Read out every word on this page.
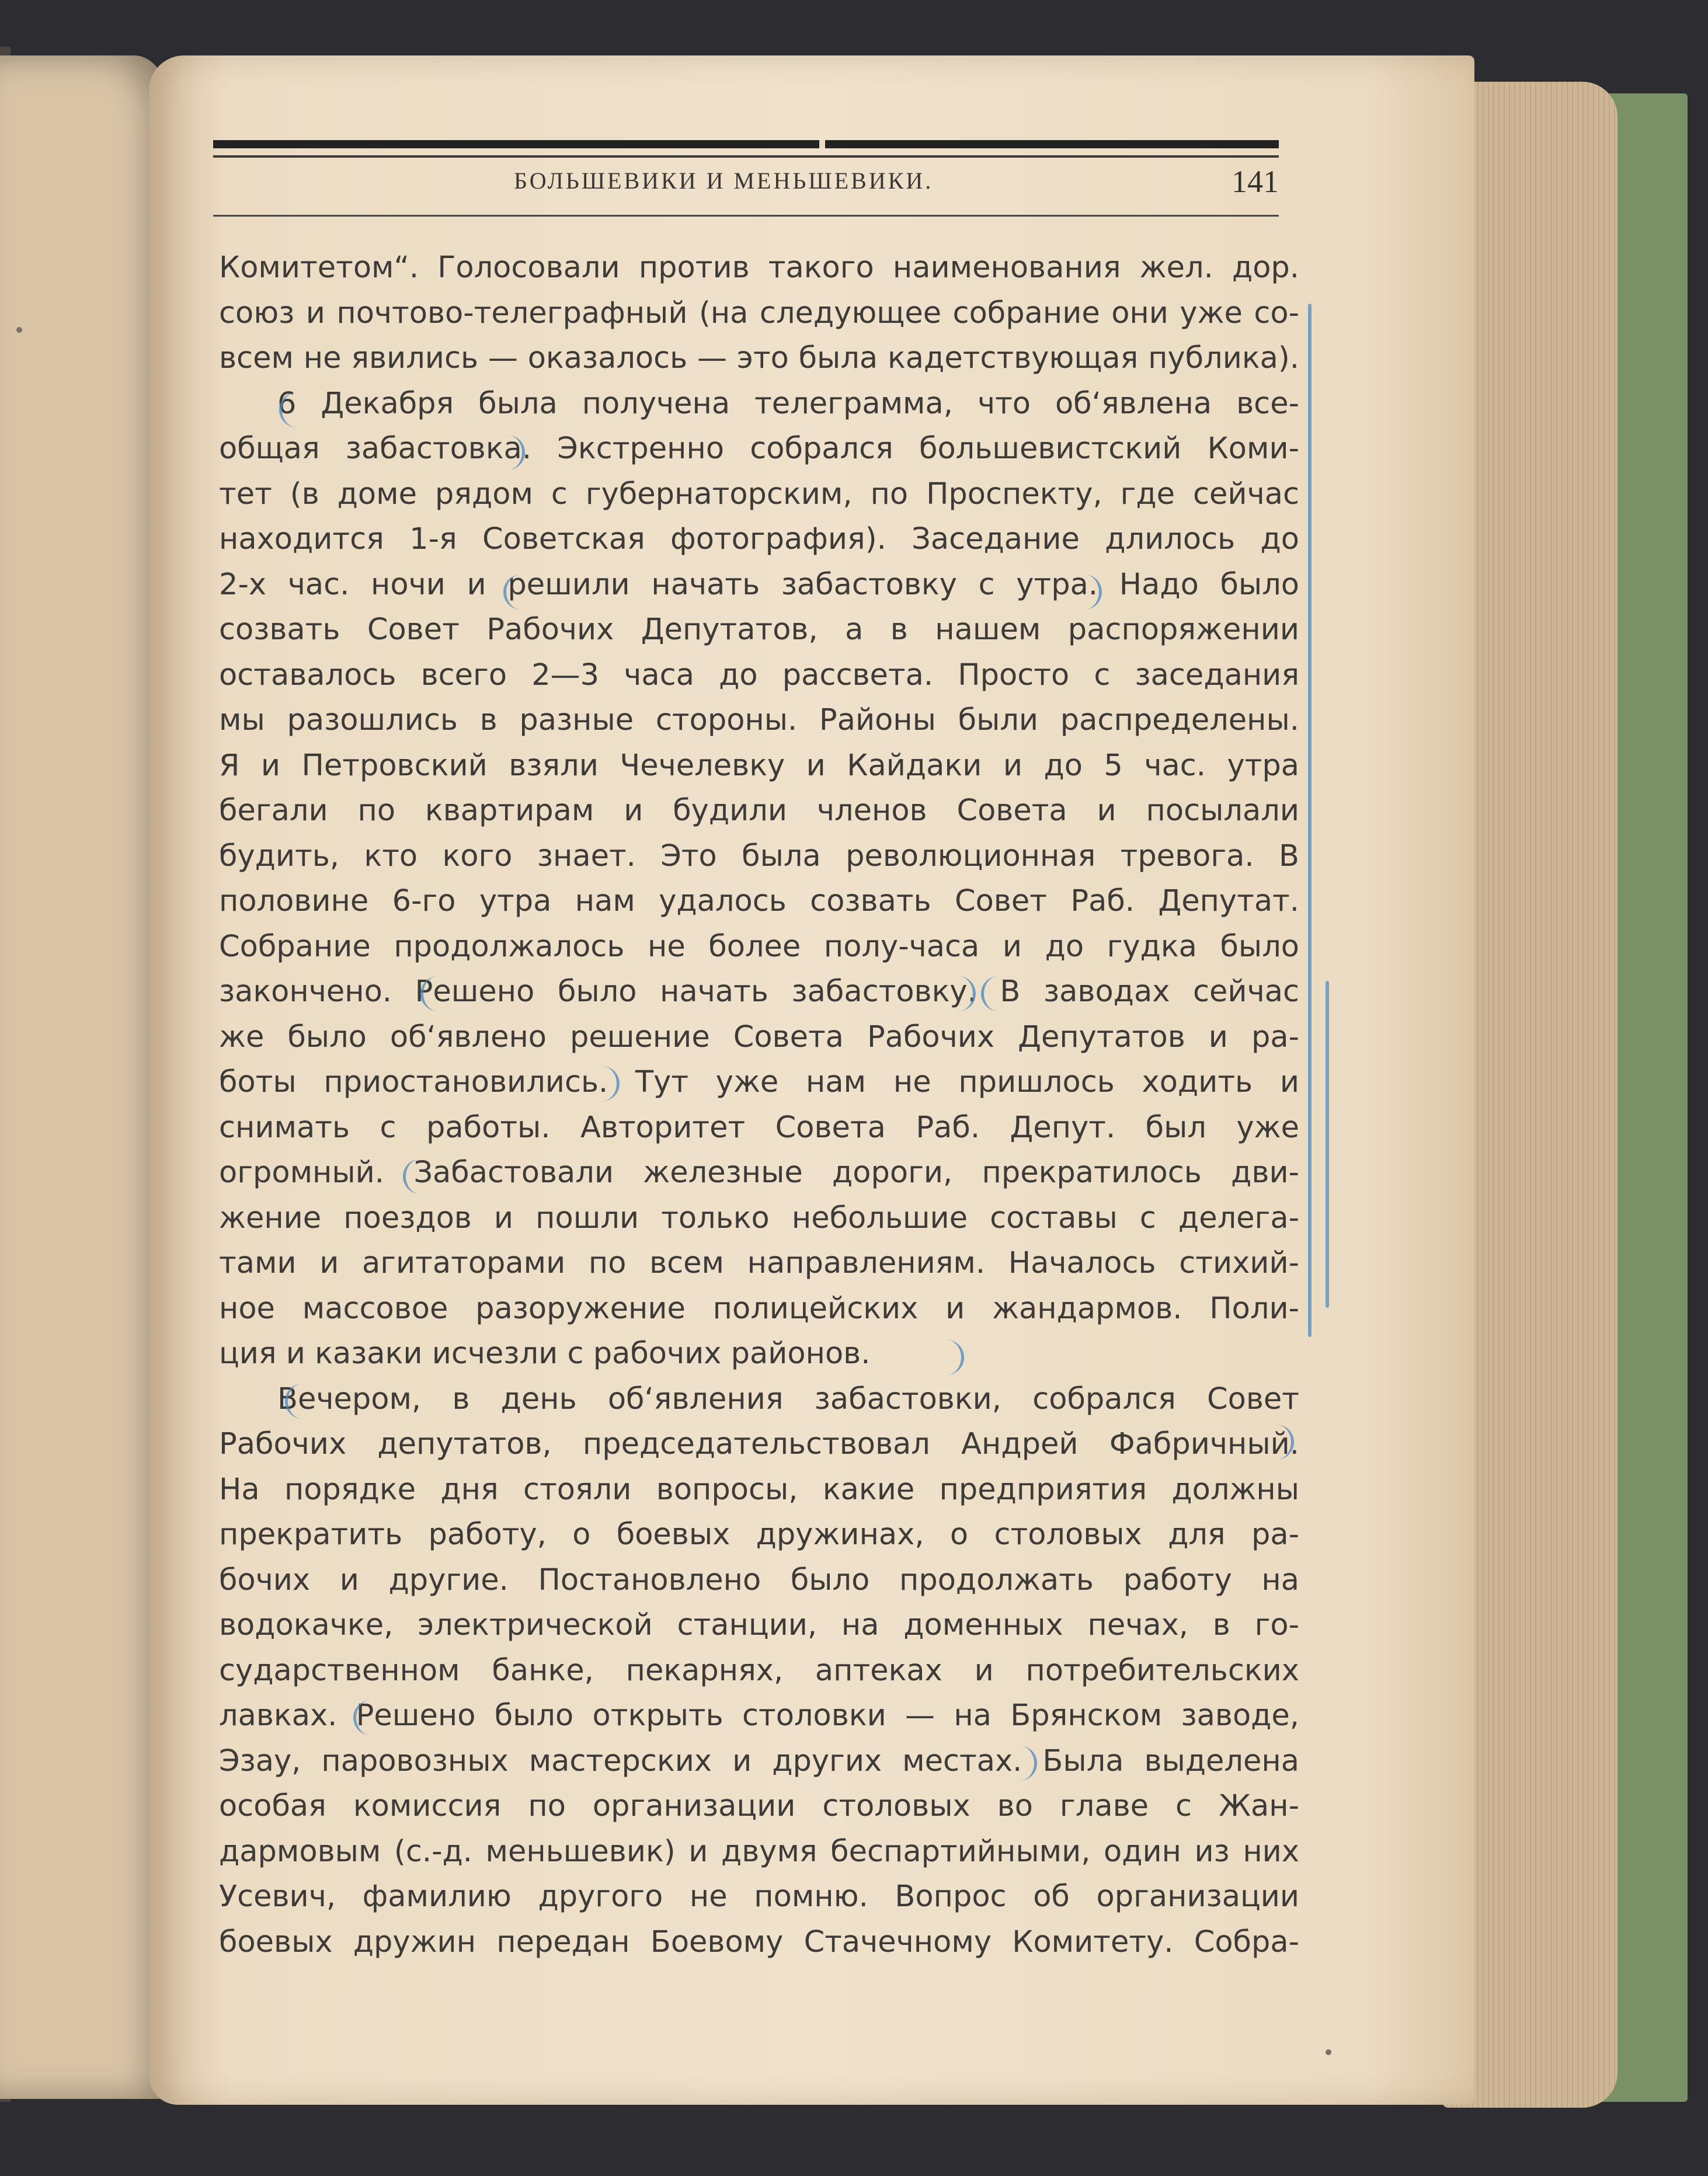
БОЛЬШЕВИКИ И МЕНЬШЕВИКИ.	141
Комитетом“. Голосовали против такого наименования жел. дор.
союз и почтово-телеграфный (на следующее собрание они уже со-
всем не явились — оказалось — это была кадетствующая публика).
6 Декабря была получена телеграмма, что об‘явлена все-
общая забастовка. Экстренно собрался большевистский Коми-
тет (в доме рядом с губернаторским, по Проспекту, где сейчас
находится 1-я Советская фотография). Заседание длилось до
2-х час. ночи и решили начать забастовку с утра. Надо было
созвать Совет Рабочих Депутатов, а в нашем распоряжении
оставалось всего 2—3 часа до рассвета. Просто с заседания
мы разошлись в разные стороны. Районы были распределены.
Я и Петровский взяли Чечелевку и Кайдаки и до 5 час. утра
бегали по квартирам и будили членов Совета и посылали
будить, кто кого знает. Это была революционная тревога. В
половине 6-го утра нам удалось созвать Совет Раб. Депутат.
Собрание продолжалось не более полу-часа и до гудка было
закончено. Решено было начать забастовку. В заводах сейчас
же было об‘явлено решение Совета Рабочих Депутатов и ра-
боты приостановились. Тут уже нам не пришлось ходить и
снимать с работы. Авторитет Совета Раб. Депут. был уже
огромный. Забастовали железные дороги, прекратилось дви-
жение поездов и пошли только небольшие составы с делега-
тами и агитаторами по всем направлениям. Началось стихий-
ное массовое разоружение полицейских и жандармов. Поли-
ция и казаки исчезли с рабочих районов.
Вечером, в день об‘явления забастовки, собрался Совет
Рабочих депутатов, председательствовал Андрей Фабричный.
На порядке дня стояли вопросы, какие предприятия должны
прекратить работу, о боевых дружинах, о столовых для ра-
бочих и другие. Постановлено было продолжать работу на
водокачке, электрической станции, на доменных печах, в го-
сударственном банке, пекарнях, аптеках и потребительских
лавках. Решено было открыть столовки — на Брянском заводе,
Эзау, паровозных мастерских и других местах. Была выделена
особая комиссия по организации столовых во главе с Жан-
дармовым (с.-д. меньшевик) и двумя беспартийными, один из них
Усевич, фамилию другого не помню. Вопрос об организации
боевых дружин передан Боевому Стачечному Комитету. Собра-
